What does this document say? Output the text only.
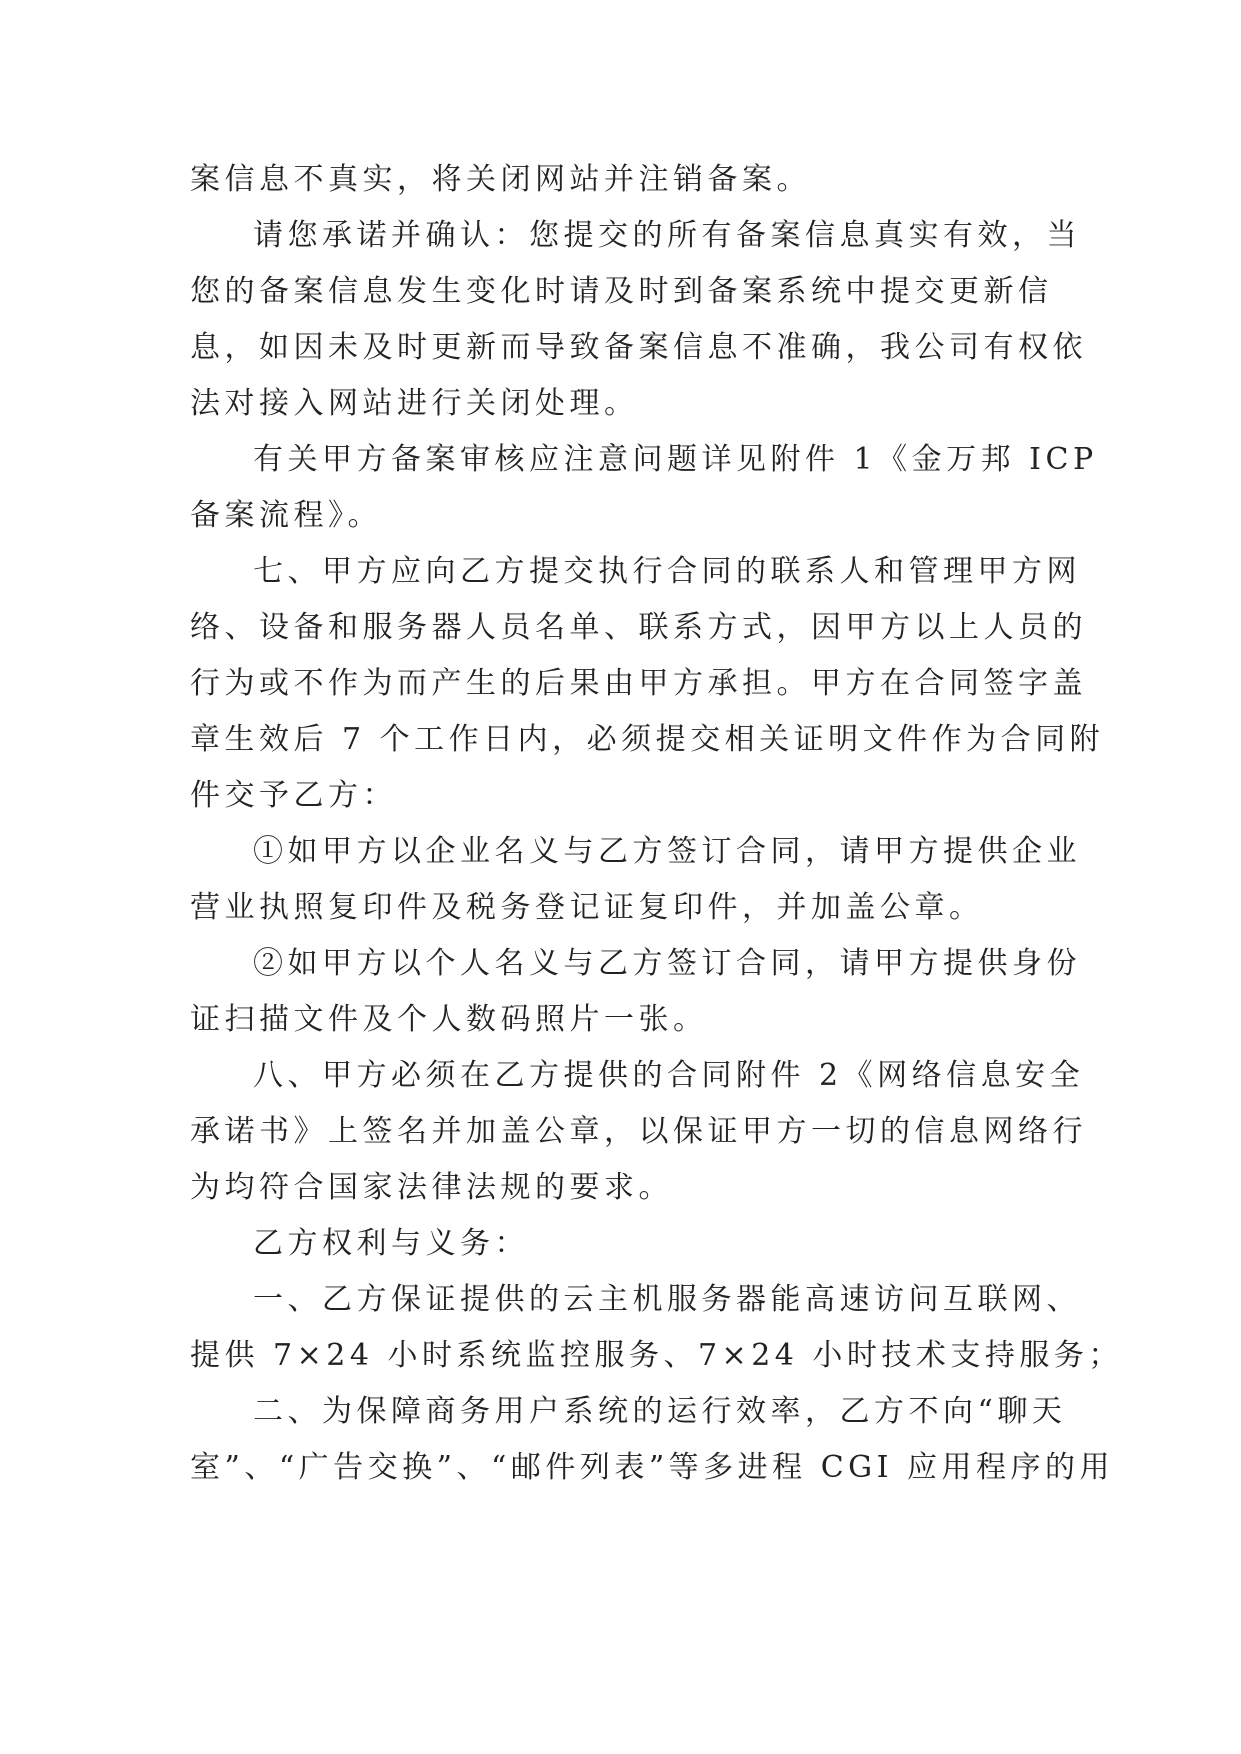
案信息不真实，将关闭网站并注销备案。
请您承诺并确认：您提交的所有备案信息真实有效，当
您的备案信息发生变化时请及时到备案系统中提交更新信
息，如因未及时更新而导致备案信息不准确，我公司有权依
法对接入网站进行关闭处理。
有关甲方备案审核应注意问题详见附件 1《金万邦 ICP
备案流程》。
七、甲方应向乙方提交执行合同的联系人和管理甲方网
络、设备和服务器人员名单、联系方式，因甲方以上人员的
行为或不作为而产生的后果由甲方承担。甲方在合同签字盖
章生效后 7 个工作日内，必须提交相关证明文件作为合同附
件交予乙方：
①如甲方以企业名义与乙方签订合同，请甲方提供企业
营业执照复印件及税务登记证复印件，并加盖公章。
②如甲方以个人名义与乙方签订合同，请甲方提供身份
证扫描文件及个人数码照片一张。
八、甲方必须在乙方提供的合同附件 2《网络信息安全
承诺书》上签名并加盖公章，以保证甲方一切的信息网络行
为均符合国家法律法规的要求。
乙方权利与义务：
一、乙方保证提供的云主机服务器能高速访问互联网、
提供 7×24 小时系统监控服务、7×24 小时技术支持服务；
二、为保障商务用户系统的运行效率，乙方不向“聊天
室”、“广告交换”、“邮件列表”等多进程 CGI 应用程序的用
